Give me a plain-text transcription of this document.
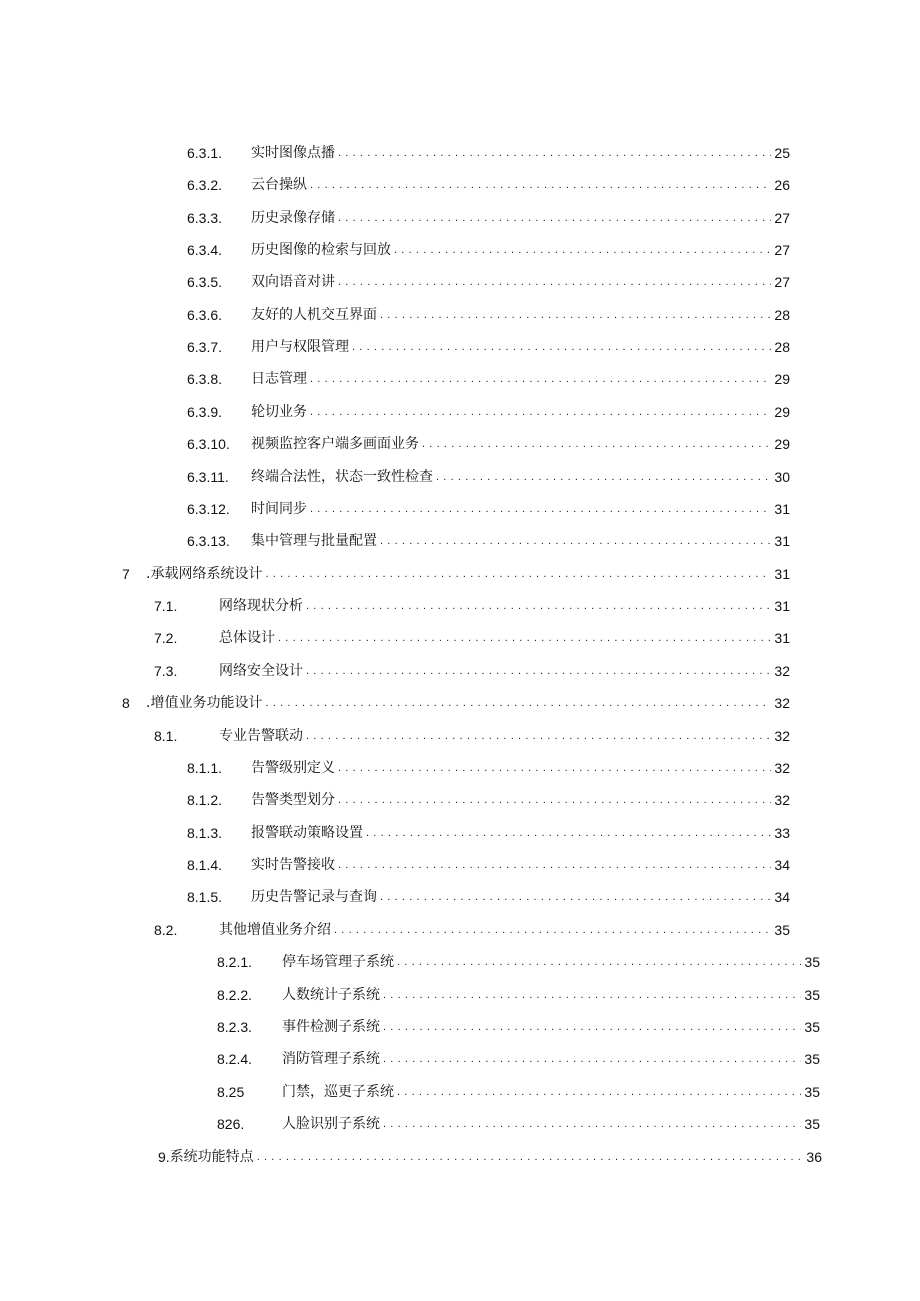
6.3.1.	实时图像点播 . . .	25
6.3.2.	云台操纵 . . .	26
6.3.3.	历史录像存储 . . .	27
6.3.4.	历史图像的检索与回放 . . .	27
6.3.5.	双向语音对讲 . . .	27
6.3.6.	友好的人机交互界面 . . .	28
6.3.7.	用户与权限管理 . . .	28
6.3.8.	日志管理 . . .	29
6.3.9.	轮切业务 . . .	29
6.3.10.	视频监控客户端多画面业务 . . .	29
6.3.11.	终端合法性，状态一致性检查 . . .	30
6.3.12.	时间同步 . . .	31
6.3.13.	集中管理与批量配置 . . .	31
7	.承载网络系统设计 . . .	31
7.1.	网络现状分析 . . .	31
7.2.	总体设计 . . .	31
7.3.	网络安全设计 . . .	32
8	.增值业务功能设计 . . .	32
8.1.	专业告警联动 . . .	32
8.1.1.	告警级别定义 . . .	32
8.1.2.	告警类型划分 . . .	32
8.1.3.	报警联动策略设置 . . .	33
8.1.4.	实时告警接收 . . .	34
8.1.5.	历史告警记录与查询 . . .	34
8.2.	其他增值业务介绍 . . .	35
8.2.1.	停车场管理子系统 . . .	35
8.2.2.	人数统计子系统 . . .	35
8.2.3.	事件检测子系统 . . .	35
8.2.4.	消防管理子系统 . . .	35
8.25	门禁，巡更子系统 . . .	35
826.	人脸识别子系统 . . .	35
9. 系统功能特点 . . .	36
